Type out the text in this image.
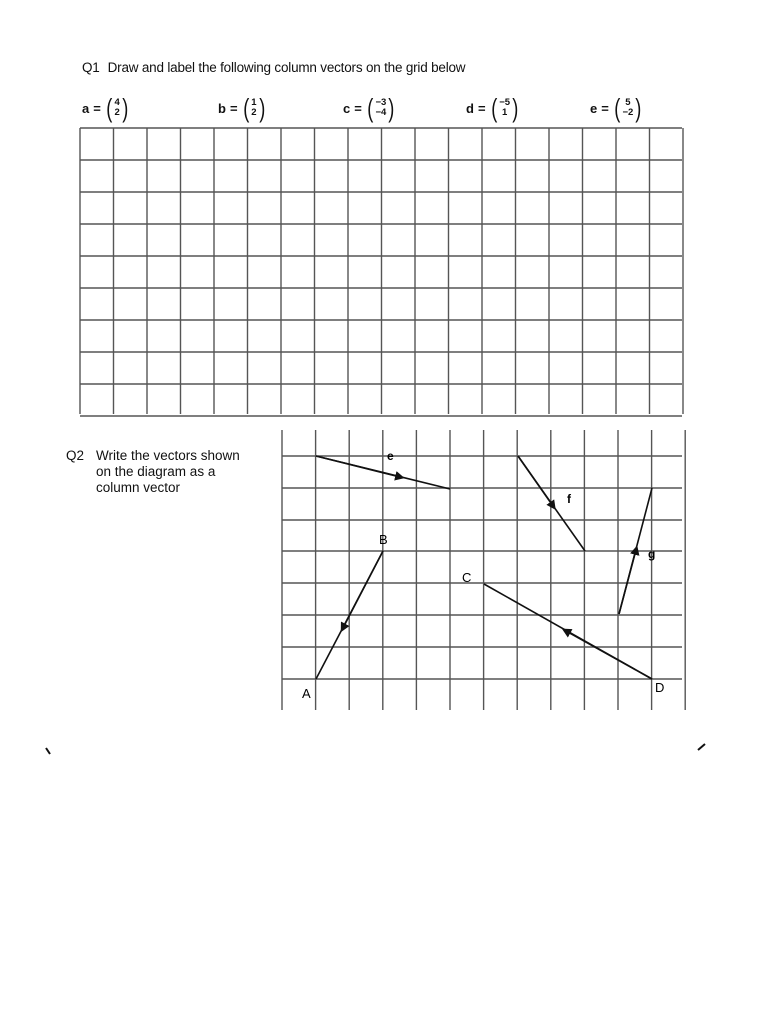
Q1 Draw and label the following column vectors on the grid below
a = ( 4
2 )	b = ( 1
2 )	c = ( −3
−4 )	d = ( −5
1 )	e = ( 5
−2 )
Q2 Write the vectors shown
on the diagram as a
column vector
e
f
g
A
B
C
D
